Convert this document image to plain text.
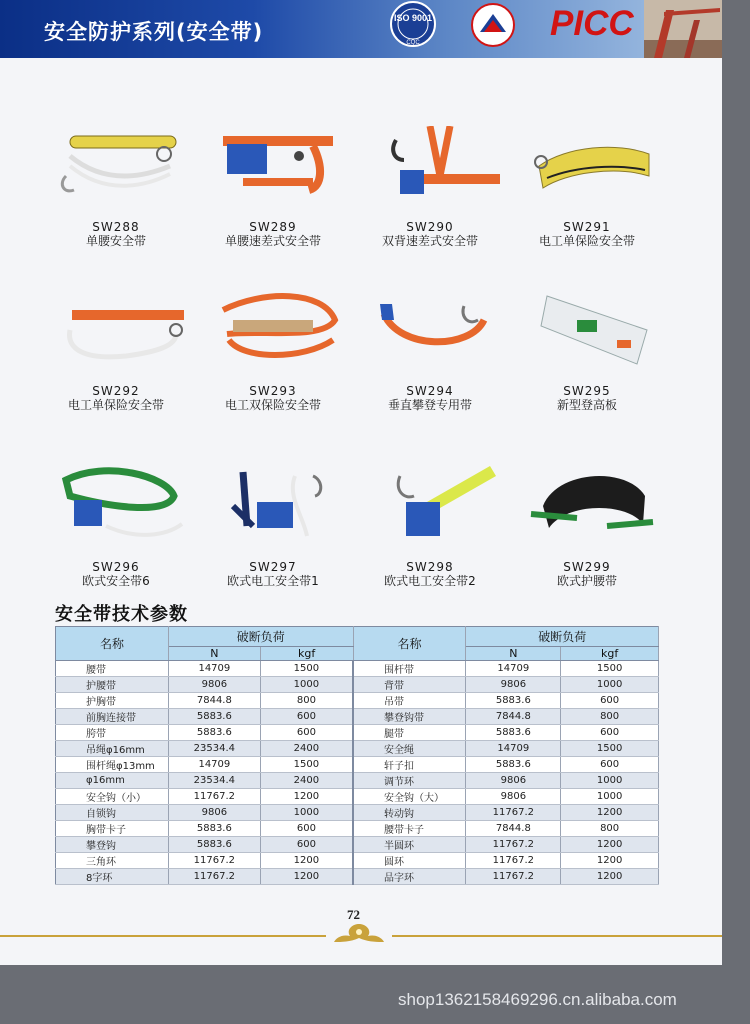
安全防护系列(安全带)
ISO 9001
CQC	PICC
SW288
单腰安全带
SW289
单腰速差式安全带
SW290
双背速差式安全带
SW291
电工单保险安全带
SW292
电工单保险安全带
SW293
电工双保险安全带
SW294
垂直攀登专用带
SW295
新型登高板
SW296
欧式安全带6
SW297
欧式电工安全带1
SW298
欧式电工安全带2
SW299
欧式护腰带
安全带技术参数
名称	破断负荷		名称	破断负荷	
	N	kgf		N	kgf
腰带	14709	1500	围杆带	14709	1500
护腰带	9806	1000	背带	9806	1000
护胸带	7844.8	800	吊带	5883.6	600
前胸连接带	5883.6	600	攀登钩带	7844.8	800
胯带	5883.6	600	腿带	5883.6	600
吊绳φ16mm	23534.4	2400	安全绳	14709	1500
围杆绳φ13mm	14709	1500	轩子扣	5883.6	600
φ16mm	23534.4	2400	调节环	9806	1000
安全钩（小）	11767.2	1200	安全钩（大）	9806	1000
自锁钩	9806	1000	转动钩	11767.2	1200
胸带卡子	5883.6	600	腰带卡子	7844.8	800
攀登钩	5883.6	600	半圆环	11767.2	1200
三角环	11767.2	1200	圆环	11767.2	1200
8字环	11767.2	1200	品字环	11767.2	1200
72
shop1362158469296.cn.alibaba.com
